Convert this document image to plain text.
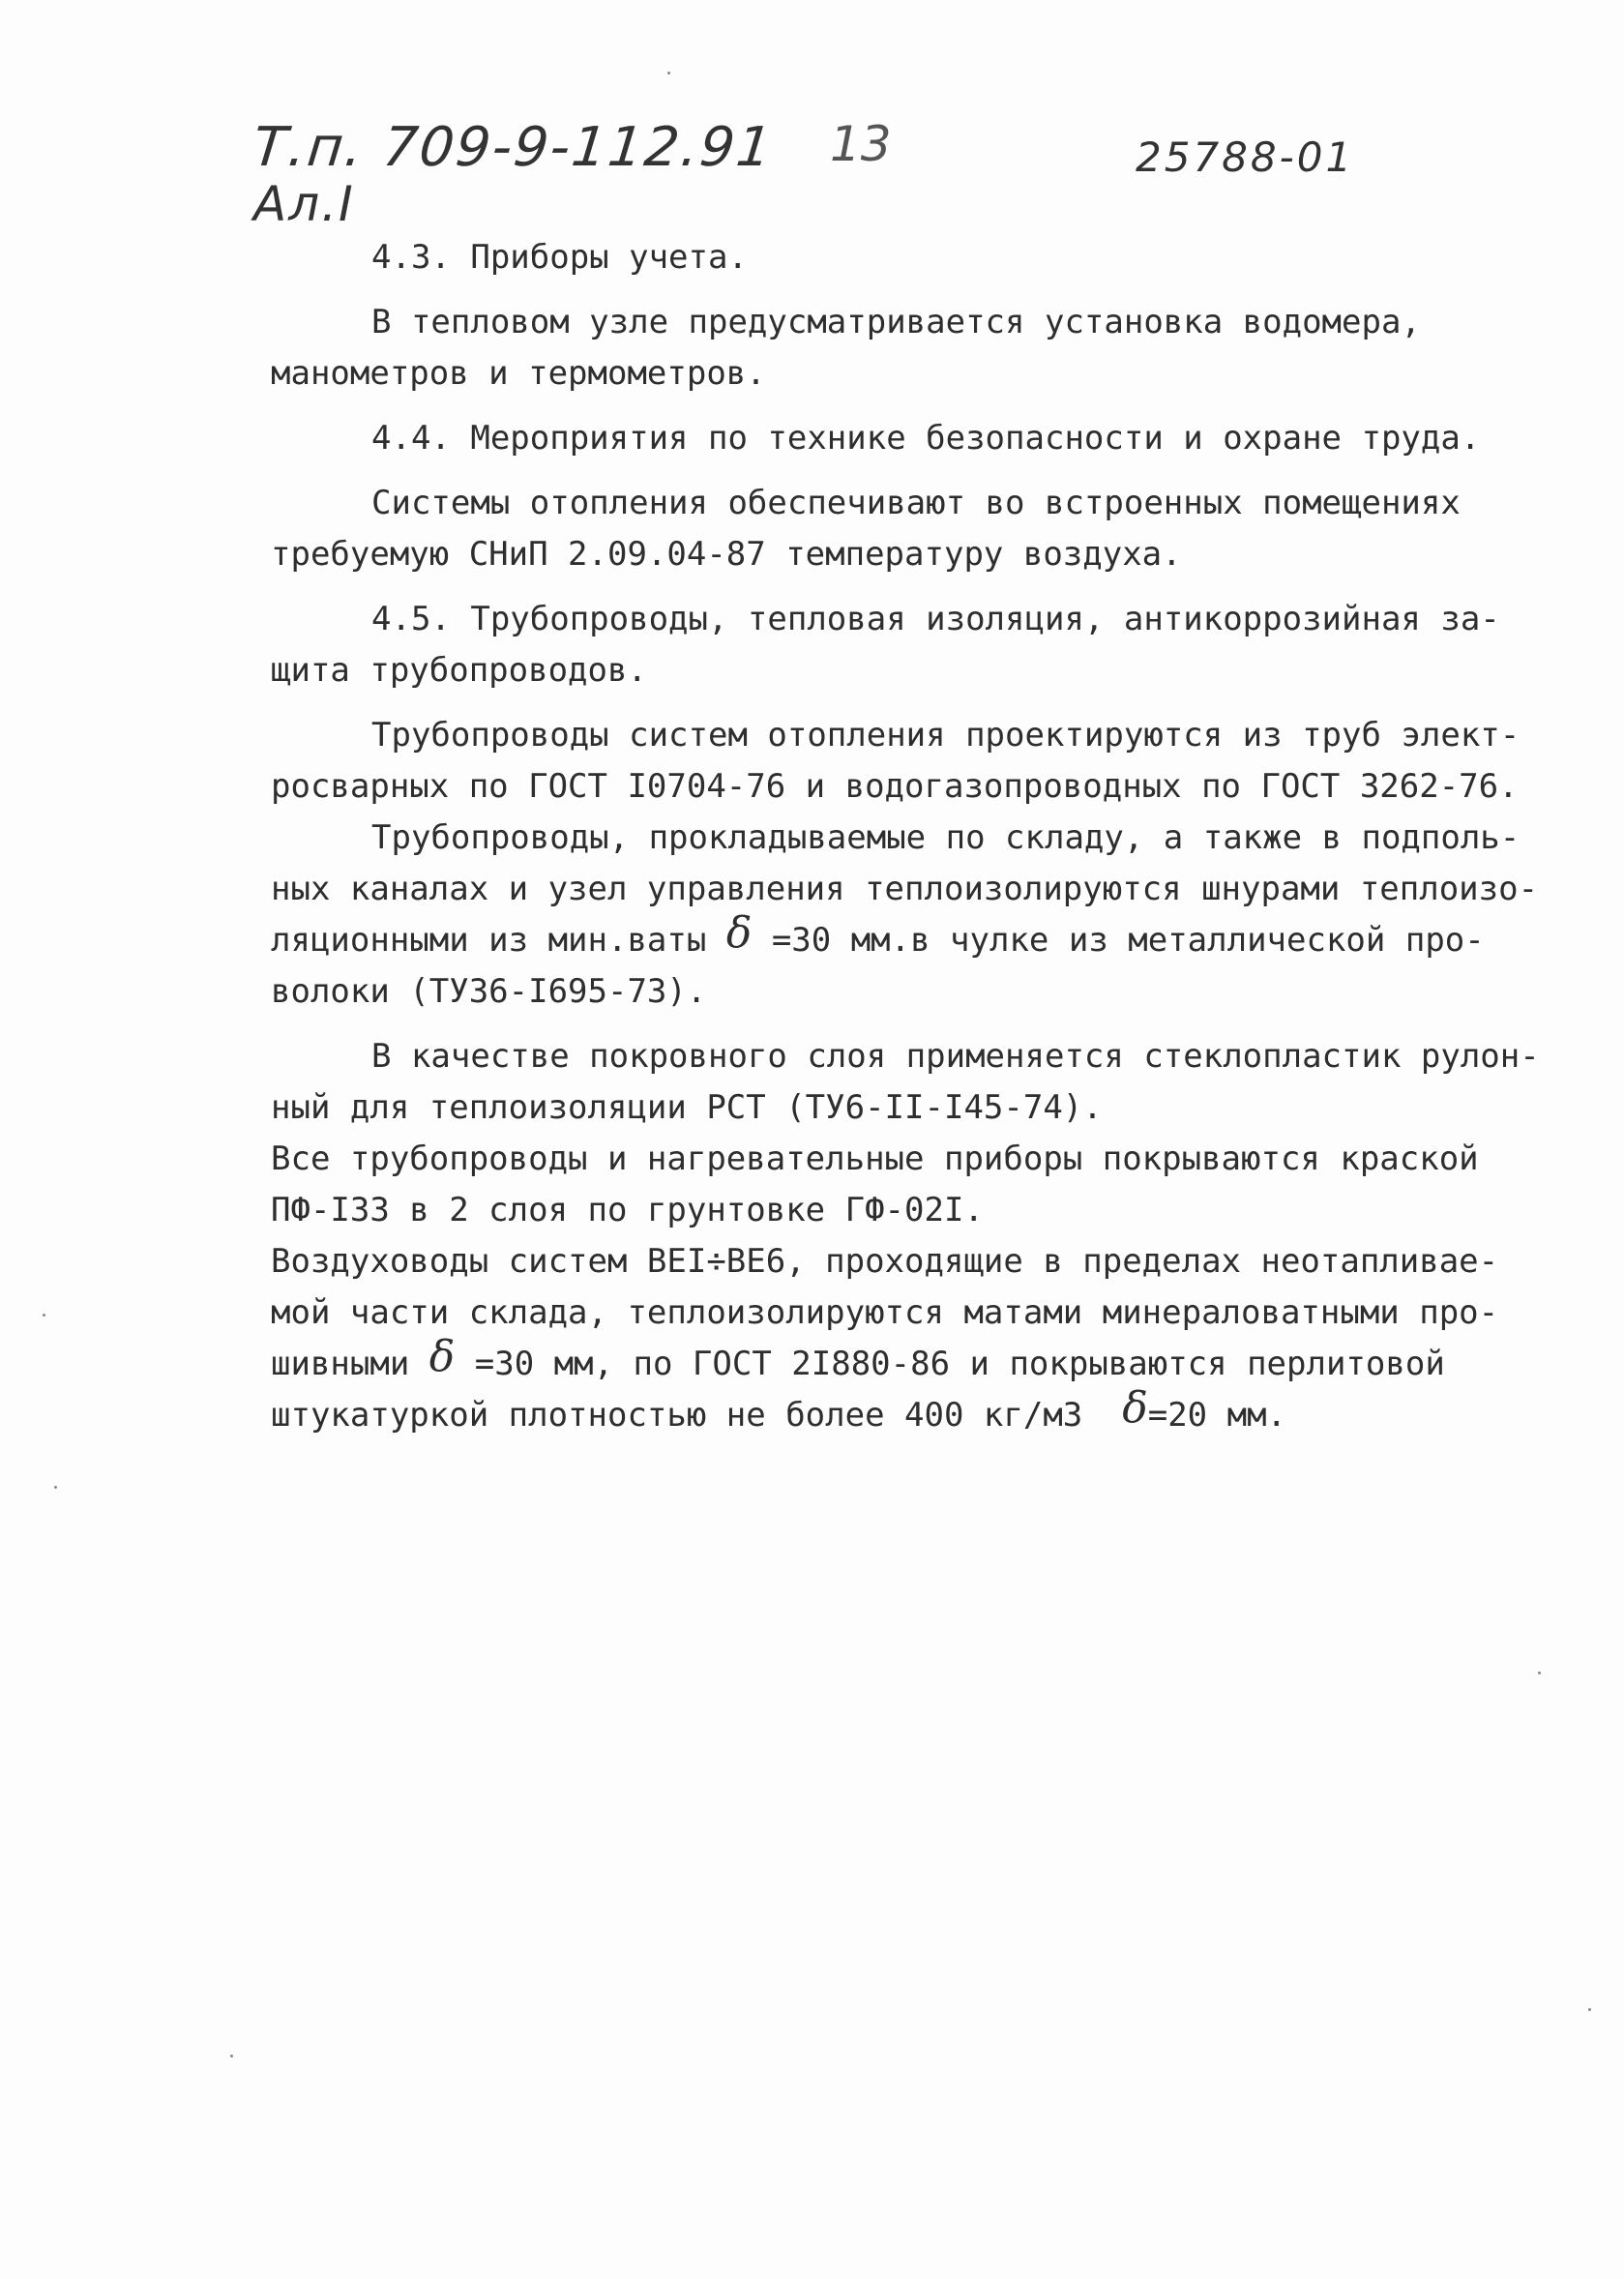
Т.п. 709-9-112.91
Ал.I
13	25788-01

4.3. Приборы учета.

В тепловом узле предусматривается установка водомера,

манометров и термометров.

4.4. Мероприятия по технике безопасности и охране труда.

Системы отопления обеспечивают во встроенных помещениях

требуемую СНиП 2.09.04-87 температуру воздуха.

4.5. Трубопроводы, тепловая изоляция, антикоррозийная за-

щита трубопроводов.

Трубопроводы систем отопления проектируются из труб элект-

росварных по ГОСТ I0704-76 и водогазопроводных по ГОСТ 3262-76.

Трубопроводы, прокладываемые по складу, а также в подполь-

ных каналах и узел управления теплоизолируются шнурами теплоизо-

ляционными из мин.ваты δ =30 мм.в чулке из металлической про-

волоки (ТУ36-I695-73).

В качестве покровного слоя применяется стеклопластик рулон-

ный для теплоизоляции РСТ (ТУ6-II-I45-74).

Все трубопроводы и нагревательные приборы покрываются краской

ПФ-I33 в 2 слоя по грунтовке ГФ-02I.

Воздуховоды систем ВЕI÷ВЕ6, проходящие в пределах неотапливае-

мой части склада, теплоизолируются матами минераловатными про-

шивными δ =30 мм, по ГОСТ 2I880-86 и покрываются перлитовой

штукатуркой плотностью не более 400 кг/м3 δ=20 мм.
